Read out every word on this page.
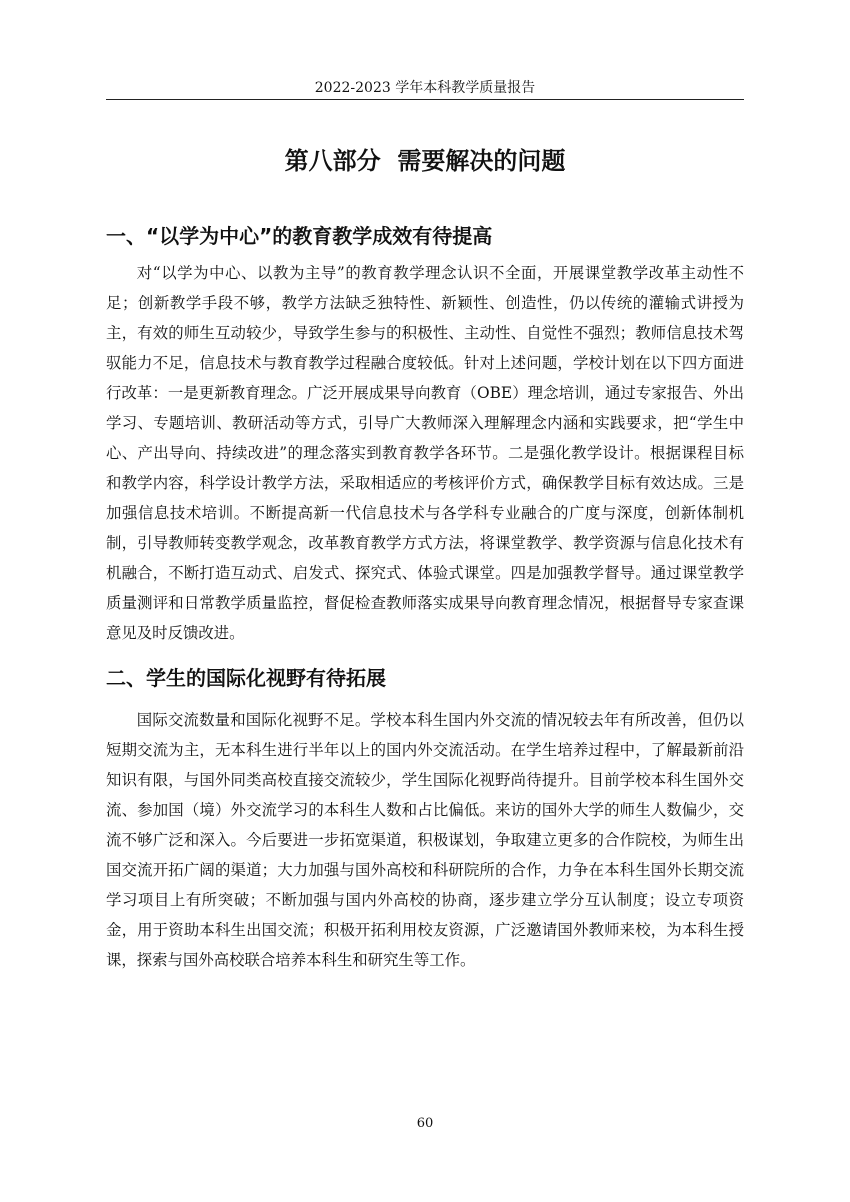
2022-2023 学年本科教学质量报告
第八部分  需要解决的问题
一、“以学为中心”的教育教学成效有待提高

对“以学为中心、以教为主导”的教育教学理念认识不全面，开展课堂教学改革主动性不足；创新教学手段不够，教学方法缺乏独特性、新颖性、创造性，仍以传统的灌输式讲授为主，有效的师生互动较少，导致学生参与的积极性、主动性、自觉性不强烈；教师信息技术驾驭能力不足，信息技术与教育教学过程融合度较低。针对上述问题，学校计划在以下四方面进行改革：一是更新教育理念。广泛开展成果导向教育（OBE）理念培训，通过专家报告、外出学习、专题培训、教研活动等方式，引导广大教师深入理解理念内涵和实践要求，把“学生中心、产出导向、持续改进”的理念落实到教育教学各环节。二是强化教学设计。根据课程目标和教学内容，科学设计教学方法，采取相适应的考核评价方式，确保教学目标有效达成。三是加强信息技术培训。不断提高新一代信息技术与各学科专业融合的广度与深度，创新体制机制，引导教师转变教学观念，改革教育教学方式方法，将课堂教学、教学资源与信息化技术有机融合，不断打造互动式、启发式、探究式、体验式课堂。四是加强教学督导。通过课堂教学质量测评和日常教学质量监控，督促检查教师落实成果导向教育理念情况，根据督导专家查课意见及时反馈改进。

二、学生的国际化视野有待拓展

国际交流数量和国际化视野不足。学校本科生国内外交流的情况较去年有所改善，但仍以短期交流为主，无本科生进行半年以上的国内外交流活动。在学生培养过程中，了解最新前沿知识有限，与国外同类高校直接交流较少，学生国际化视野尚待提升。目前学校本科生国外交流、参加国（境）外交流学习的本科生人数和占比偏低。来访的国外大学的师生人数偏少，交流不够广泛和深入。今后要进一步拓宽渠道，积极谋划，争取建立更多的合作院校，为师生出国交流开拓广阔的渠道；大力加强与国外高校和科研院所的合作，力争在本科生国外长期交流学习项目上有所突破；不断加强与国内外高校的协商，逐步建立学分互认制度；设立专项资金，用于资助本科生出国交流；积极开拓利用校友资源，广泛邀请国外教师来校，为本科生授课，探索与国外高校联合培养本科生和研究生等工作。

60
